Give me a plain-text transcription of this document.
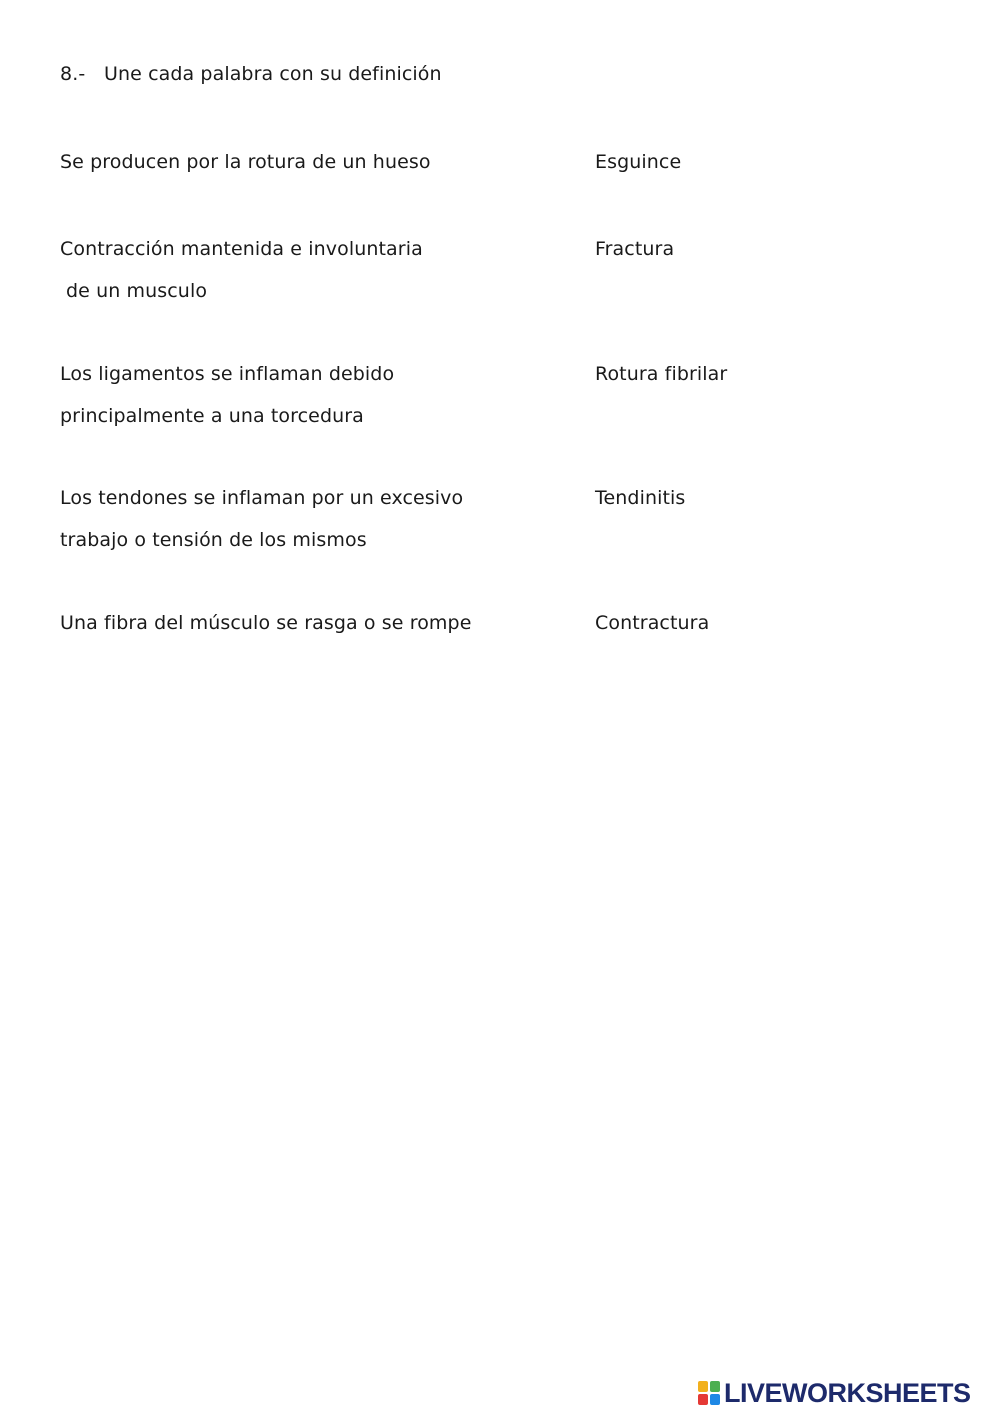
8.- Une cada palabra con su definición
Se producen por la rotura de un hueso
Contracción mantenida e involuntaria
de un musculo
Los ligamentos se inflaman debido
principalmente a una torcedura
Los tendones se inflaman por un excesivo
trabajo o tensión de los mismos
Una fibra del músculo se rasga o se rompe
Esguince
Fractura
Rotura fibrilar
Tendinitis
Contractura
LIVEWORKSHEETS
